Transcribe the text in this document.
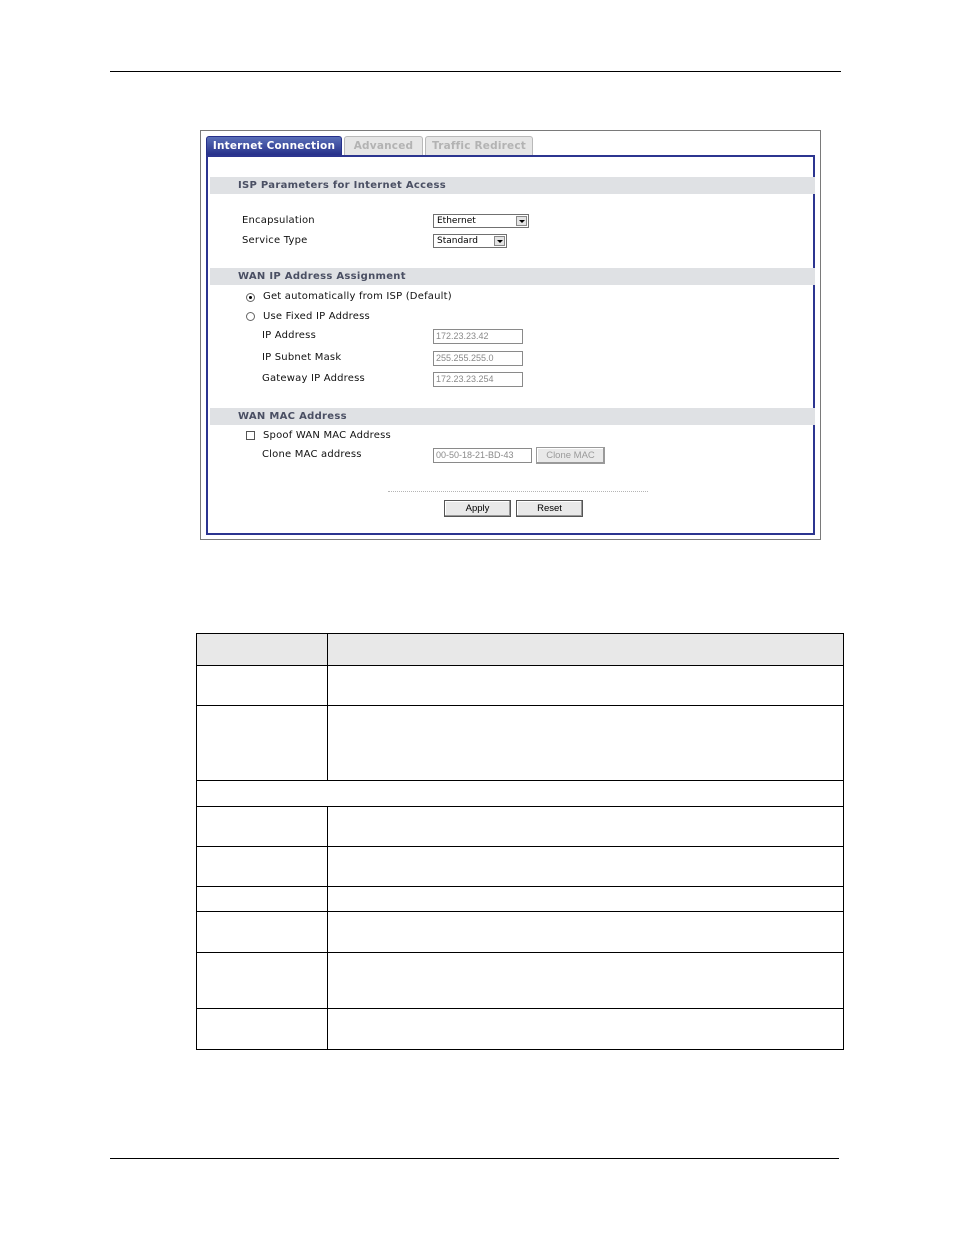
Internet Connection	Advanced	Traffic Redirect
ISP Parameters for Internet Access
Encapsulation	Ethernet
Service Type	Standard
WAN IP Address Assignment
Get automatically from ISP (Default)
Use Fixed IP Address
IP Address	172.23.23.42
IP Subnet Mask	255.255.255.0
Gateway IP Address	172.23.23.254
WAN MAC Address
Spoof WAN MAC Address
Clone MAC address	00-50-18-21-BD-43	Clone MAC
Apply	Reset
